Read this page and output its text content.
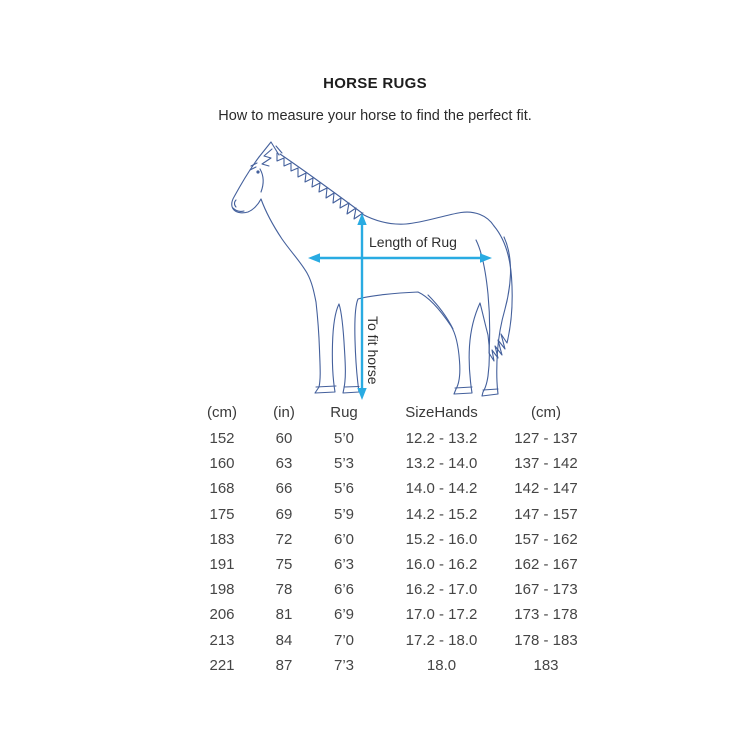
HORSE RUGS

How to measure your horse to find the perfect fit.

Length of Rug
To fit horse
(cm)	(in)	Rug	SizeHands	(cm)
152	60	5’0	12.2 - 13.2	127 - 137
160	63	5’3	13.2 - 14.0	137 - 142
168	66	5’6	14.0 - 14.2	142 - 147
175	69	5’9	14.2 - 15.2	147 - 157
183	72	6’0	15.2 - 16.0	157 - 162
191	75	6’3	16.0 - 16.2	162 - 167
198	78	6’6	16.2 - 17.0	167 - 173
206	81	6’9	17.0 - 17.2	173 - 178
213	84	7’0	17.2 - 18.0	178 - 183
221	87	7’3	18.0	183
